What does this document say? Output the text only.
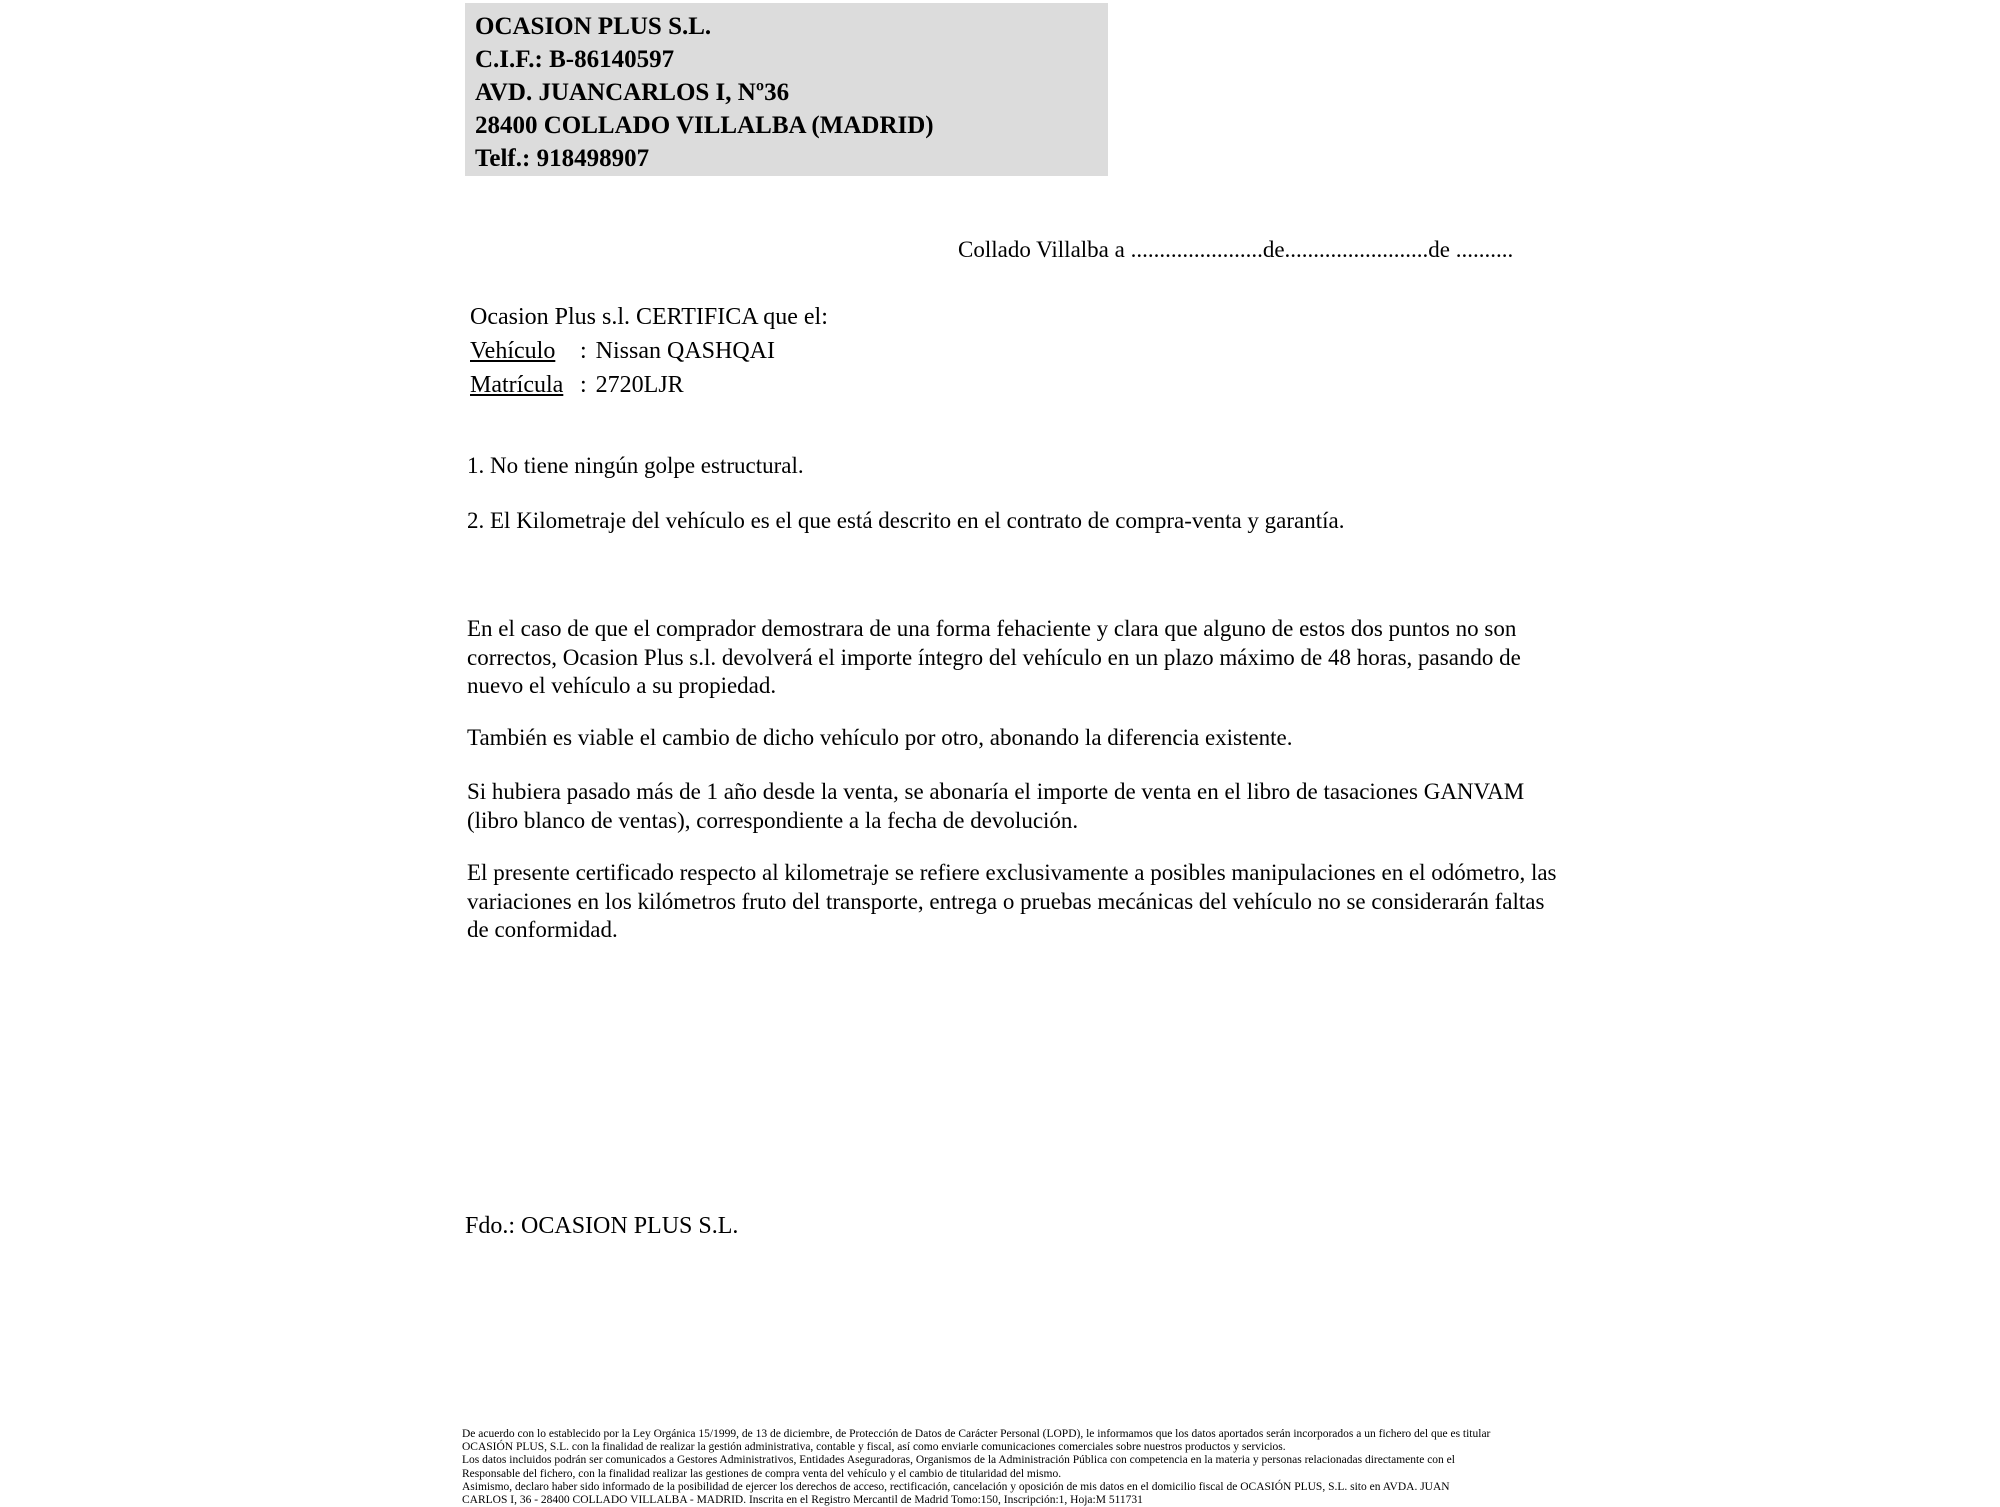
OCASION PLUS S.L.
C.I.F.: B-86140597
AVD. JUANCARLOS I, Nº36
28400 COLLADO VILLALBA (MADRID)
Telf.: 918498907
Collado Villalba a .......................de.........................de ..........
Ocasion Plus s.l. CERTIFICA que el:
Vehículo	: Nissan QASHQAI
Matrícula : 2720LJR
1. No tiene ningún golpe estructural.
2. El Kilometraje del vehículo es el que está descrito en el contrato de compra-venta y garantía.
En el caso de que el comprador demostrara de una forma fehaciente y clara que alguno de estos dos puntos no son correctos, Ocasion Plus s.l. devolverá el importe íntegro del vehículo en un plazo máximo de 48 horas, pasando de nuevo el vehículo a su propiedad.
También es viable el cambio de dicho vehículo por otro, abonando la diferencia existente.
Si hubiera pasado más de 1 año desde la venta, se abonaría el importe de venta en el libro de tasaciones GANVAM (libro blanco de ventas), correspondiente a la fecha de devolución.
El presente certificado respecto al kilometraje se refiere exclusivamente a posibles manipulaciones en el odómetro, las variaciones en los kilómetros fruto del transporte, entrega o pruebas mecánicas del vehículo no se considerarán faltas de conformidad.
Fdo.: OCASION PLUS S.L.
De acuerdo con lo establecido por la Ley Orgánica 15/1999, de 13 de diciembre, de Protección de Datos de Carácter Personal (LOPD), le informamos que los datos aportados serán incorporados a un fichero del que es titular
OCASIÓN PLUS, S.L. con la finalidad de realizar la gestión administrativa, contable y fiscal, así como enviarle comunicaciones comerciales sobre nuestros productos y servicios.
Los datos incluidos podrán ser comunicados a Gestores Administrativos, Entidades Aseguradoras, Organismos de la Administración Pública con competencia en la materia y personas relacionadas directamente con el
Responsable del fichero, con la finalidad realizar las gestiones de compra venta del vehículo y el cambio de titularidad del mismo.
Asimismo, declaro haber sido informado de la posibilidad de ejercer los derechos de acceso, rectificación, cancelación y oposición de mis datos en el domicilio fiscal de OCASIÓN PLUS, S.L. sito en AVDA. JUAN
CARLOS I, 36 - 28400 COLLADO VILLALBA - MADRID. Inscrita en el Registro Mercantil de Madrid Tomo:150, Inscripción:1, Hoja:M 511731
